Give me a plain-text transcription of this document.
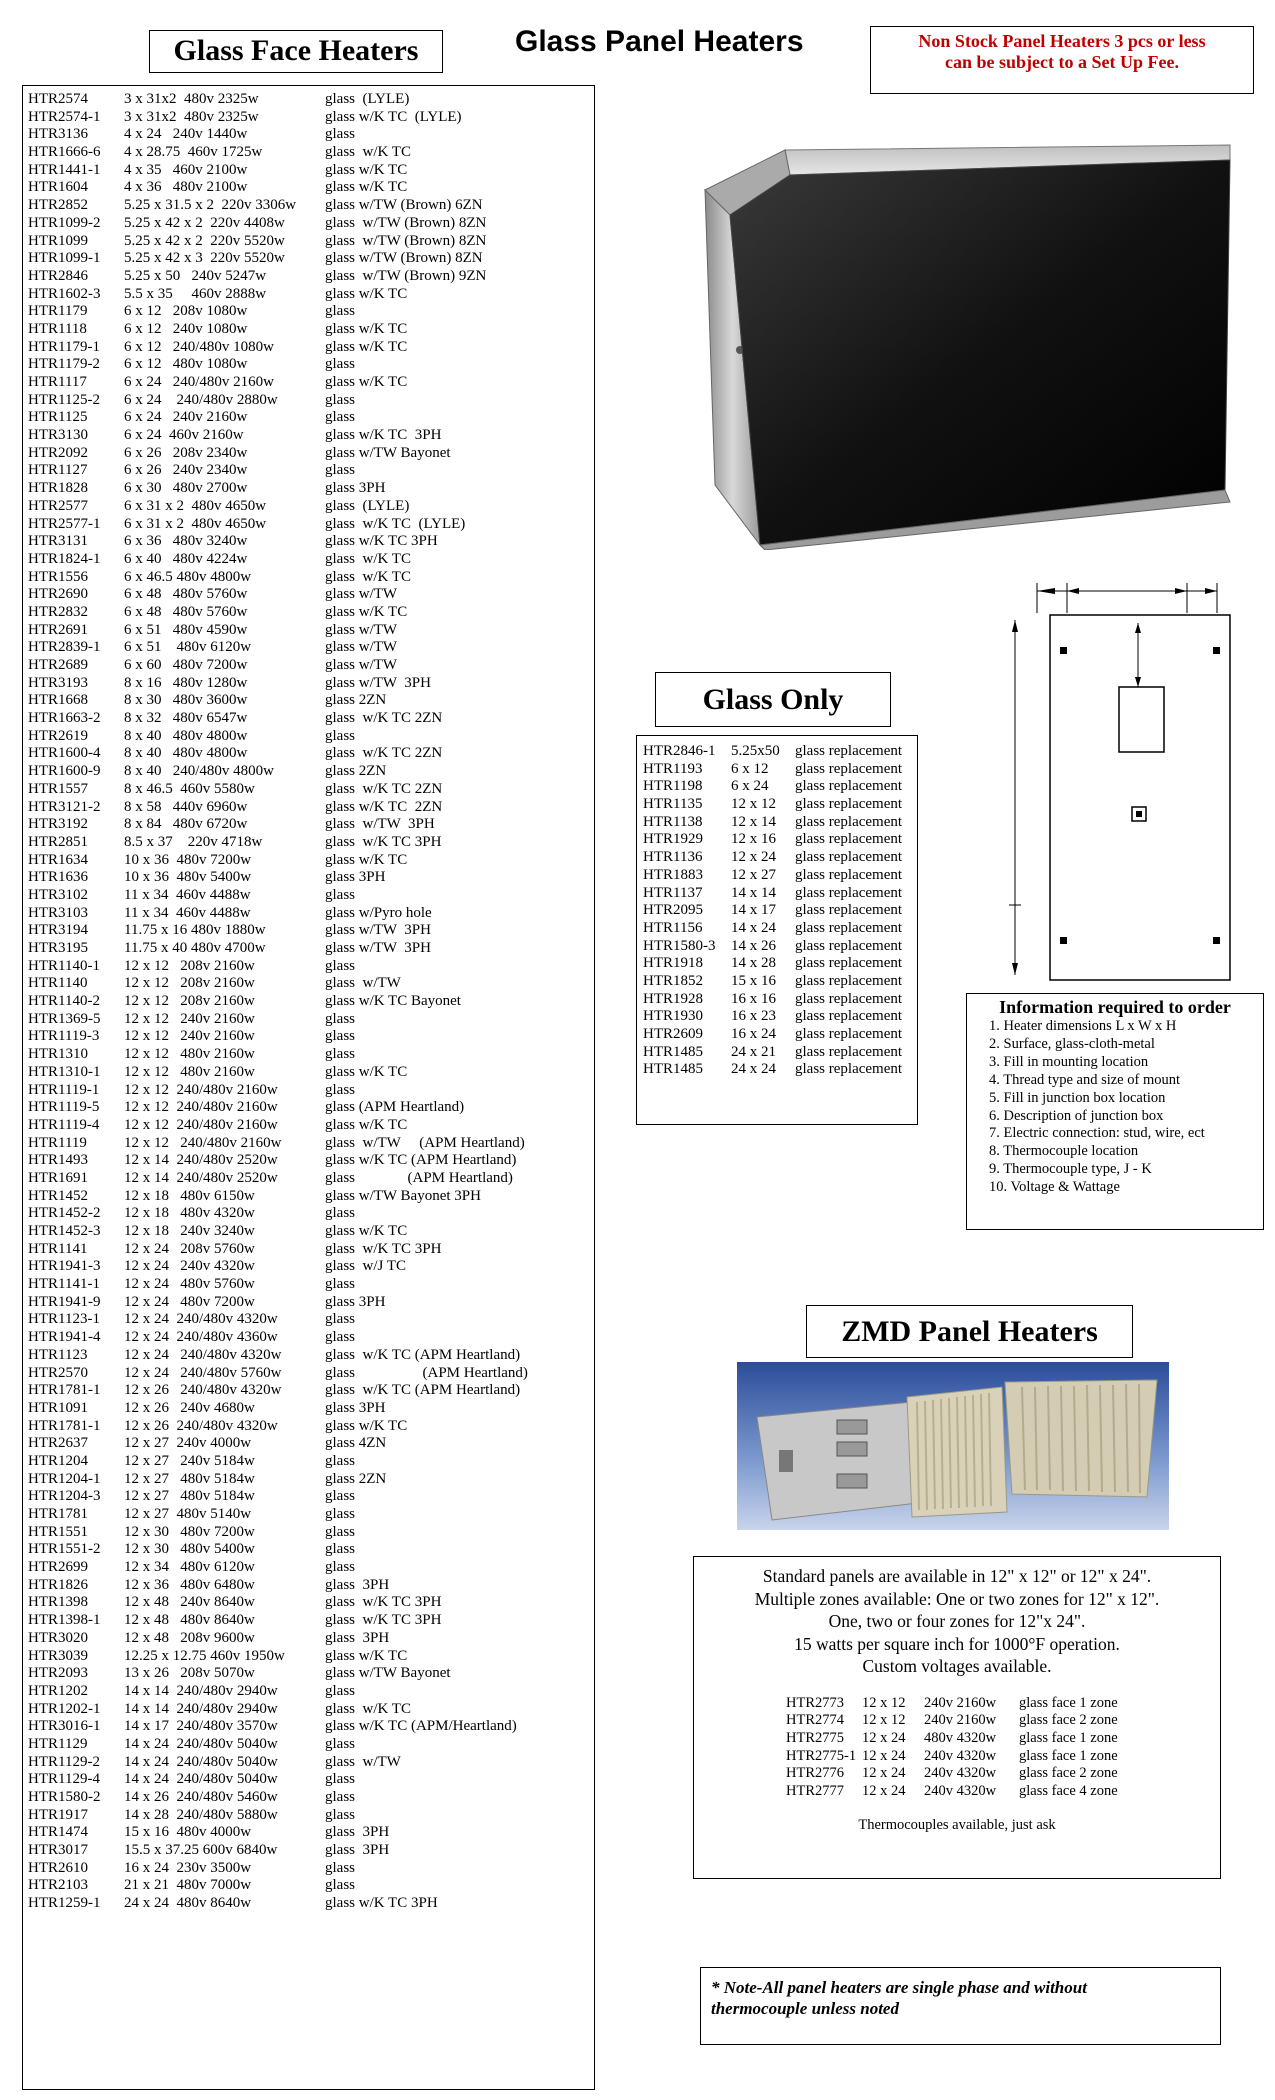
Glass Face Heaters	Glass Panel Heaters	Non Stock Panel Heaters 3 pcs or less
can be subject to a Set Up Fee.
HTR2574 3 x 31x2  480v 2325w	glass  (LYLE)
HTR2574-1 3 x 31x2  480v 2325w	glass w/K TC  (LYLE)
HTR3136 4 x 24   240v 1440w	glass
HTR1666-6 4 x 28.75  460v 1725w	glass  w/K TC
HTR1441-1 4 x 35   460v 2100w	glass w/K TC
HTR1604 4 x 36   480v 2100w	glass w/K TC
HTR2852 5.25 x 31.5 x 2  220v 3306w glass w/TW (Brown) 6ZN
HTR1099-2 5.25 x 42 x 2  220v 4408w	glass  w/TW (Brown) 8ZN
HTR1099 5.25 x 42 x 2  220v 5520w	glass  w/TW (Brown) 8ZN
HTR1099-1 5.25 x 42 x 3  220v 5520w	glass w/TW (Brown) 8ZN
HTR2846 5.25 x 50   240v 5247w	glass  w/TW (Brown) 9ZN
HTR1602-3 5.5 x 35     460v 2888w	glass w/K TC
HTR1179 6 x 12   208v 1080w	glass
HTR1118 6 x 12   240v 1080w	glass w/K TC
HTR1179-1 6 x 12   240/480v 1080w	glass w/K TC
HTR1179-2 6 x 12   480v 1080w	glass
HTR1117 6 x 24   240/480v 2160w	glass w/K TC
HTR1125-2 6 x 24    240/480v 2880w	glass
HTR1125 6 x 24   240v 2160w	glass
HTR3130 6 x 24  460v 2160w	glass w/K TC  3PH
HTR2092 6 x 26   208v 2340w	glass w/TW Bayonet
HTR1127 6 x 26   240v 2340w	glass
HTR1828 6 x 30   480v 2700w	glass 3PH
HTR2577 6 x 31 x 2  480v 4650w	glass  (LYLE)
HTR2577-1 6 x 31 x 2  480v 4650w	glass  w/K TC  (LYLE)
HTR3131 6 x 36   480v 3240w	glass w/K TC 3PH
HTR1824-1 6 x 40   480v 4224w	glass  w/K TC
HTR1556 6 x 46.5 480v 4800w	glass  w/K TC
HTR2690 6 x 48   480v 5760w	glass w/TW
HTR2832 6 x 48   480v 5760w	glass w/K TC
HTR2691 6 x 51   480v 4590w	glass w/TW
HTR2839-1 6 x 51    480v 6120w	glass w/TW
HTR2689 6 x 60   480v 7200w	glass w/TW
HTR3193 8 x 16   480v 1280w	glass w/TW  3PH
HTR1668 8 x 30   480v 3600w	glass 2ZN
HTR1663-2 8 x 32   480v 6547w	glass  w/K TC 2ZN
HTR2619 8 x 40   480v 4800w	glass
HTR1600-4 8 x 40   480v 4800w	glass  w/K TC 2ZN
HTR1600-9 8 x 40   240/480v 4800w	glass 2ZN
HTR1557 8 x 46.5  460v 5580w	glass  w/K TC 2ZN
HTR3121-2 8 x 58   440v 6960w	glass w/K TC  2ZN
HTR3192 8 x 84   480v 6720w	glass  w/TW  3PH
HTR2851 8.5 x 37    220v 4718w	glass  w/K TC 3PH
HTR1634 10 x 36  480v 7200w	glass w/K TC
HTR1636 10 x 36  480v 5400w	glass 3PH
HTR3102 11 x 34  460v 4488w	glass
HTR3103 11 x 34  460v 4488w	glass w/Pyro hole
HTR3194 11.75 x 16 480v 1880w	glass w/TW  3PH
HTR3195 11.75 x 40 480v 4700w	glass w/TW  3PH
HTR1140-1 12 x 12   208v 2160w	glass
HTR1140 12 x 12   208v 2160w	glass  w/TW
HTR1140-2 12 x 12   208v 2160w	glass w/K TC Bayonet
HTR1369-5 12 x 12   240v 2160w	glass
HTR1119-3 12 x 12   240v 2160w	glass
HTR1310 12 x 12   480v 2160w	glass
HTR1310-1 12 x 12   480v 2160w	glass w/K TC
HTR1119-1 12 x 12  240/480v 2160w	glass
HTR1119-5 12 x 12  240/480v 2160w	glass (APM Heartland)
HTR1119-4 12 x 12  240/480v 2160w	glass w/K TC
HTR1119 12 x 12   240/480v 2160w	glass  w/TW     (APM Heartland)
HTR1493 12 x 14  240/480v 2520w	glass w/K TC (APM Heartland)
HTR1691 12 x 14  240/480v 2520w	glass              (APM Heartland)
HTR1452 12 x 18   480v 6150w	glass w/TW Bayonet 3PH
HTR1452-2 12 x 18   480v 4320w	glass
HTR1452-3 12 x 18   240v 3240w	glass w/K TC
HTR1141 12 x 24   208v 5760w	glass  w/K TC 3PH
HTR1941-3 12 x 24   240v 4320w	glass  w/J TC
HTR1141-1 12 x 24   480v 5760w	glass
HTR1941-9 12 x 24   480v 7200w	glass 3PH
HTR1123-1 12 x 24  240/480v 4320w	glass
HTR1941-4 12 x 24  240/480v 4360w	glass
HTR1123 12 x 24   240/480v 4320w	glass  w/K TC (APM Heartland)
HTR2570 12 x 24   240/480v 5760w	glass                  (APM Heartland)
HTR1781-1 12 x 26   240/480v 4320w	glass  w/K TC (APM Heartland)
HTR1091 12 x 26   240v 4680w	glass 3PH
HTR1781-1 12 x 26  240/480v 4320w	glass w/K TC
HTR2637 12 x 27  240v 4000w	glass 4ZN
HTR1204 12 x 27   240v 5184w	glass
HTR1204-1 12 x 27   480v 5184w	glass 2ZN
HTR1204-3 12 x 27   480v 5184w	glass
HTR1781 12 x 27  480v 5140w	glass
HTR1551 12 x 30   480v 7200w	glass
HTR1551-2 12 x 30   480v 5400w	glass
HTR2699 12 x 34   480v 6120w	glass
HTR1826 12 x 36   480v 6480w	glass  3PH
HTR1398 12 x 48   240v 8640w	glass  w/K TC 3PH
HTR1398-1 12 x 48   480v 8640w	glass  w/K TC 3PH
HTR3020 12 x 48   208v 9600w	glass  3PH
HTR3039 12.25 x 12.75 460v 1950w	glass w/K TC
HTR2093 13 x 26   208v 5070w	glass w/TW Bayonet
HTR1202 14 x 14  240/480v 2940w	glass
HTR1202-1 14 x 14  240/480v 2940w	glass  w/K TC
HTR3016-1 14 x 17  240/480v 3570w	glass w/K TC (APM/Heartland)
HTR1129 14 x 24  240/480v 5040w	glass
HTR1129-2 14 x 24  240/480v 5040w	glass  w/TW
HTR1129-4 14 x 24  240/480v 5040w	glass
HTR1580-2 14 x 26  240/480v 5460w	glass
HTR1917 14 x 28  240/480v 5880w	glass
HTR1474 15 x 16  480v 4000w	glass  3PH
HTR3017 15.5 x 37.25 600v 6840w	glass  3PH
HTR2610 16 x 24  230v 3500w	glass
HTR2103 21 x 21  480v 7000w	glass
HTR1259-1 24 x 24  480v 8640w	glass w/K TC 3PH
Glass Only
HTR2846-1 5.25x50 glass replacement
HTR1193 6 x 12 glass replacement
HTR1198 6 x 24 glass replacement
HTR1135 12 x 12 glass replacement
HTR1138 12 x 14 glass replacement
HTR1929 12 x 16 glass replacement
HTR1136 12 x 24 glass replacement
HTR1883 12 x 27 glass replacement
HTR1137 14 x 14 glass replacement
HTR2095 14 x 17 glass replacement
HTR1156 14 x 24 glass replacement
HTR1580-3 14 x 26 glass replacement
HTR1918 14 x 28 glass replacement
HTR1852 15 x 16 glass replacement
HTR1928 16 x 16 glass replacement
HTR1930 16 x 23 glass replacement
HTR2609 16 x 24 glass replacement
HTR1485 24 x 21 glass replacement
HTR1485 24 x 24 glass replacement
Information required to order
1. Heater dimensions L x W x H
2. Surface, glass-cloth-metal
3. Fill in mounting location
4. Thread type and size of mount
5. Fill in junction box location
6. Description of junction box
7. Electric connection: stud, wire, ect
8. Thermocouple location
9. Thermocouple type, J - K
10. Voltage & Wattage
ZMD Panel Heaters
Standard panels are available in 12" x 12" or 12" x 24".
Multiple zones available: One or two zones for 12" x 12".
One, two or four zones for 12"x 24".
15 watts per square inch for 1000°F operation.
Custom voltages available.
HTR2773 12 x 12 240v 2160w glass face 1 zone
HTR2774 12 x 12 240v 2160w glass face 2 zone
HTR2775 12 x 24 480v 4320w glass face 1 zone
HTR2775-1 12 x 24 240v 4320w glass face 1 zone
HTR2776 12 x 24 240v 4320w glass face 2 zone
HTR2777 12 x 24 240v 4320w glass face 4 zone
Thermocouples available, just ask
* Note-All panel heaters are single phase and without
thermocouple unless noted
